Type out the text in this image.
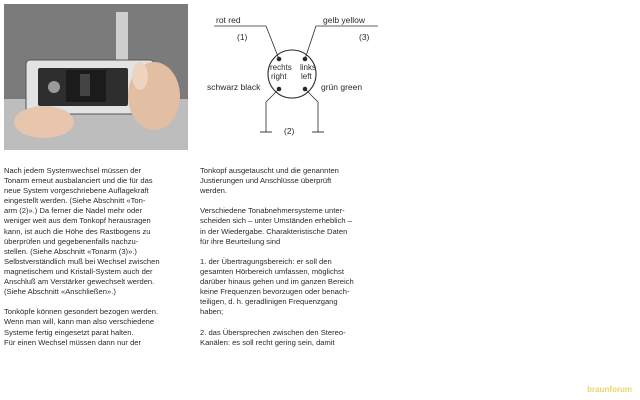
rot red
(1)
gelb yellow
(3)
rechts
right
links
left
schwarz black	grün green
(2)

Nach jedem Systemwechsel müssen der
Tonarm erneut ausbalanciert und die für das
neue System vorgeschriebene Auflagekraft
eingestellt werden. (Siehe Abschnitt «Ton-
arm (2)».) Da ferner die Nadel mehr oder
weniger weit aus dem Tonkopf herausragen
kann, ist auch die Höhe des Rastbogens zu
überprüfen und gegebenenfalls nachzu-
stellen. (Siehe Abschnitt «Tonarm (3)».)
Selbstverständlich muß bei Wechsel zwischen
magnetischem und Kristall-System auch der
Anschluß am Verstärker gewechselt werden.
(Siehe Abschnitt «Anschließen».)

Tonköpfe können gesondert bezogen werden.
Wenn man will, kann man also verschiedene
Systeme fertig eingesetzt parat halten.
Für einen Wechsel müssen dann nur der

Tonkopf ausgetauscht und die genannten
Justierungen und Anschlüsse überprüft
werden.

Verschiedene Tonabnehmersysteme unter-
scheiden sich – unter Umständen erheblich –
in der Wiedergabe. Charakteristische Daten
für ihre Beurteilung sind

1. der Übertragungsbereich: er soll den
gesamten Hörbereich umfassen, möglichst
darüber hinaus gehen und im ganzen Bereich
keine Frequenzen bevorzugen oder benach-
teiligen, d. h. geradlinigen Frequenzgang
haben;

2. das Übersprechen zwischen den Stereo-
Kanälen: es soll recht gering sein, damit

braunforum
